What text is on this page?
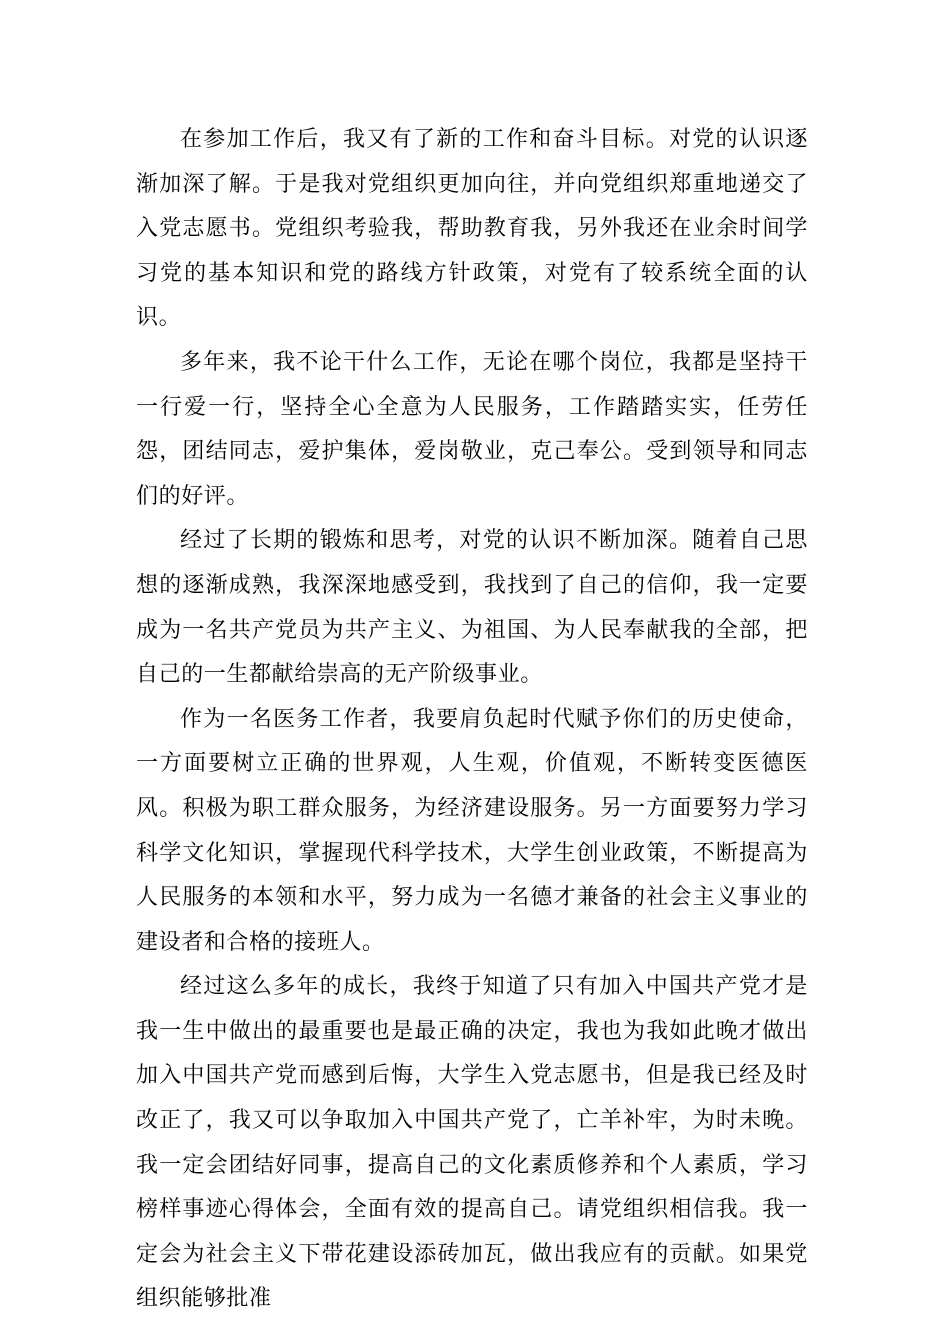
在参加工作后，我又有了新的工作和奋斗目标。对党的认识逐渐加深了解。于是我对党组织更加向往，并向党组织郑重地递交了入党志愿书。党组织考验我，帮助教育我，另外我还在业余时间学习党的基本知识和党的路线方针政策，对党有了较系统全面的认识。

多年来，我不论干什么工作，无论在哪个岗位，我都是坚持干一行爱一行，坚持全心全意为人民服务，工作踏踏实实，任劳任怨，团结同志，爱护集体，爱岗敬业，克己奉公。受到领导和同志们的好评。

经过了长期的锻炼和思考，对党的认识不断加深。随着自己思想的逐渐成熟，我深深地感受到，我找到了自己的信仰，我一定要成为一名共产党员为共产主义、为祖国、为人民奉献我的全部，把自己的一生都献给崇高的无产阶级事业。

作为一名医务工作者，我要肩负起时代赋予你们的历史使命，一方面要树立正确的世界观，人生观，价值观，不断转变医德医风。积极为职工群众服务，为经济建设服务。另一方面要努力学习科学文化知识，掌握现代科学技术，大学生创业政策，不断提高为人民服务的本领和水平，努力成为一名德才兼备的社会主义事业的建设者和合格的接班人。

经过这么多年的成长，我终于知道了只有加入中国共产党才是我一生中做出的最重要也是最正确的决定，我也为我如此晚才做出加入中国共产党而感到后悔，大学生入党志愿书，但是我已经及时改正了，我又可以争取加入中国共产党了，亡羊补牢，为时未晚。我一定会团结好同事，提高自己的文化素质修养和个人素质，学习榜样事迹心得体会，全面有效的提高自己。请党组织相信我。我一定会为社会主义下带花建设添砖加瓦，做出我应有的贡献。如果党组织能够批准
